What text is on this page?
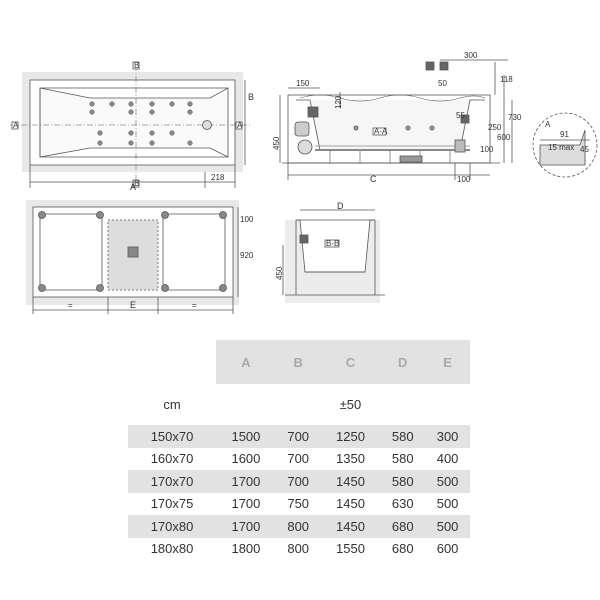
B
B
A	A
218
A
B
A-A
150
120
450
55
300
118
730
600
50
100
250
C	100
A
91
15 max 45
100
920
=	E	=
D
B-B
450
	A	B	C	D	E
cm			±50		
150x70	1500	700	1250	580	300
160x70	1600	700	1350	580	400
170x70	1700	700	1450	580	500
170x75	1700	750	1450	630	500
170x80	1700	800	1450	680	500
180x80	1800	800	1550	680	600
